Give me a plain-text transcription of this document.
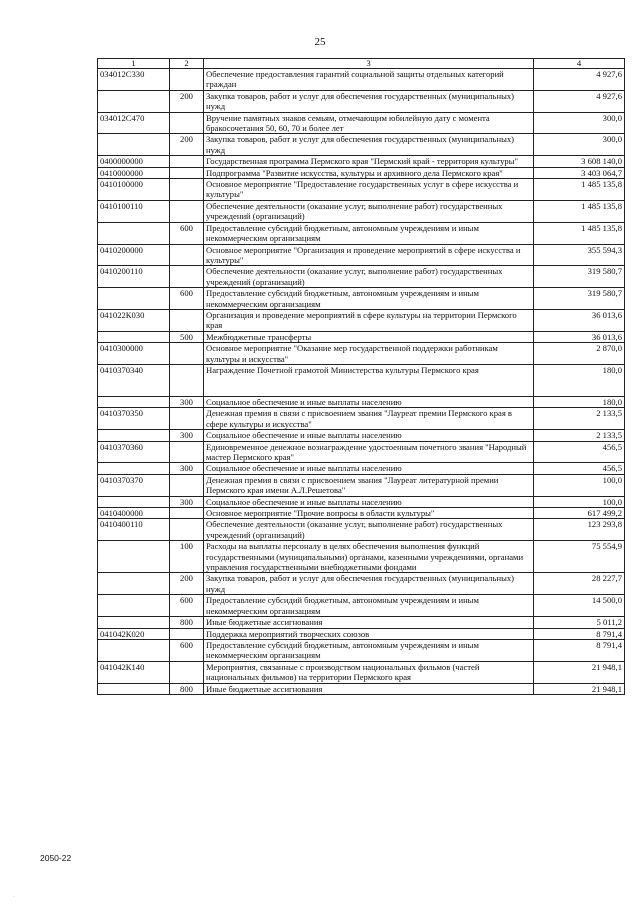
25
1	2	3	4
034012С330		Обеспечение предоставления гарантий социальной защиты отдельных категорий граждан	4 927,6
	200	Закупка товаров, работ и услуг для обеспечения государственных (муниципальных) нужд	4 927,6
034012С470		Вручение памятных знаков семьям, отмечающим юбилейную дату с момента бракосочетания 50, 60, 70 и более лет	300,0
	200	Закупка товаров, работ и услуг для обеспечения государственных (муниципальных) нужд	300,0
0400000000		Государственная программа Пермского края "Пермский край - территория культуры"	3 608 140,0
0410000000		Подпрограмма "Развитие искусства, культуры и архивного дела Пермского края"	3 403 064,7
0410100000		Основное мероприятие "Предоставление государственных услуг в сфере искусства и культуры"	1 485 135,8
0410100110		Обеспечение деятельности (оказание услуг, выполнение работ) государственных учреждений (организаций)	1 485 135,8
	600	Предоставление субсидий бюджетным, автономным учреждениям и иным некоммерческим организациям	1 485 135,8
0410200000		Основное мероприятие "Организация и проведение мероприятий в сфере искусства и культуры"	355 594,3
0410200110		Обеспечение деятельности (оказание услуг, выполнение работ) государственных учреждений (организаций)	319 580,7
	600	Предоставление субсидий бюджетным, автономным учреждениям и иным некоммерческим организациям	319 580,7
041022К030		Организация и проведение мероприятий в сфере культуры на территории Пермского края	36 013,6
	500	Межбюджетные трансферты	36 013,6
0410300000		Основное мероприятие "Оказание мер государственной поддержки работникам культуры и искусства"	2 870,0
0410370340		Награждение Почетной грамотой Министерства культуры Пермского края	180,0
	300	Социальное обеспечение и иные выплаты населению	180,0
0410370350		Денежная премия в связи с присвоением звания "Лауреат премии Пермского края в сфере культуры и искусства"	2 133,5
	300	Социальное обеспечение и иные выплаты населению	2 133,5
0410370360		Единовременное денежное вознаграждение удостоенным почетного звания "Народный мастер Пермского края"	456,5
	300	Социальное обеспечение и иные выплаты населению	456,5
0410370370		Денежная премия в связи с присвоением звания "Лауреат литературной премии Пермского края имени А.Л.Решетова"	100,0
	300	Социальное обеспечение и иные выплаты населению	100,0
0410400000		Основное мероприятие "Прочие вопросы в области культуры"	617 499,2
0410400110		Обеспечение деятельности (оказание услуг, выполнение работ) государственных учреждений (организаций)	123 293,8
	100	Расходы на выплаты персоналу в целях обеспечения выполнения функций государственными (муниципальными) органами, казенными учреждениями, органами управления государственными внебюджетными фондами	75 554,9
	200	Закупка товаров, работ и услуг для обеспечения государственных (муниципальных) нужд	28 227,7
	600	Предоставление субсидий бюджетным, автономным учреждениям и иным некоммерческим организациям	14 500,0
	800	Иные бюджетные ассигнования	5 011,2
041042К020		Поддержка мероприятий творческих союзов	8 791,4
	600	Предоставление субсидий бюджетным, автономным учреждениям и иным некоммерческим организациям	8 791,4
041042К140		Мероприятия, связанные с производством национальных фильмов (частей национальных фильмов) на территории Пермского края	21 948,1
	800	Иные бюджетные ассигнования	21 948,1
2050-22
·
